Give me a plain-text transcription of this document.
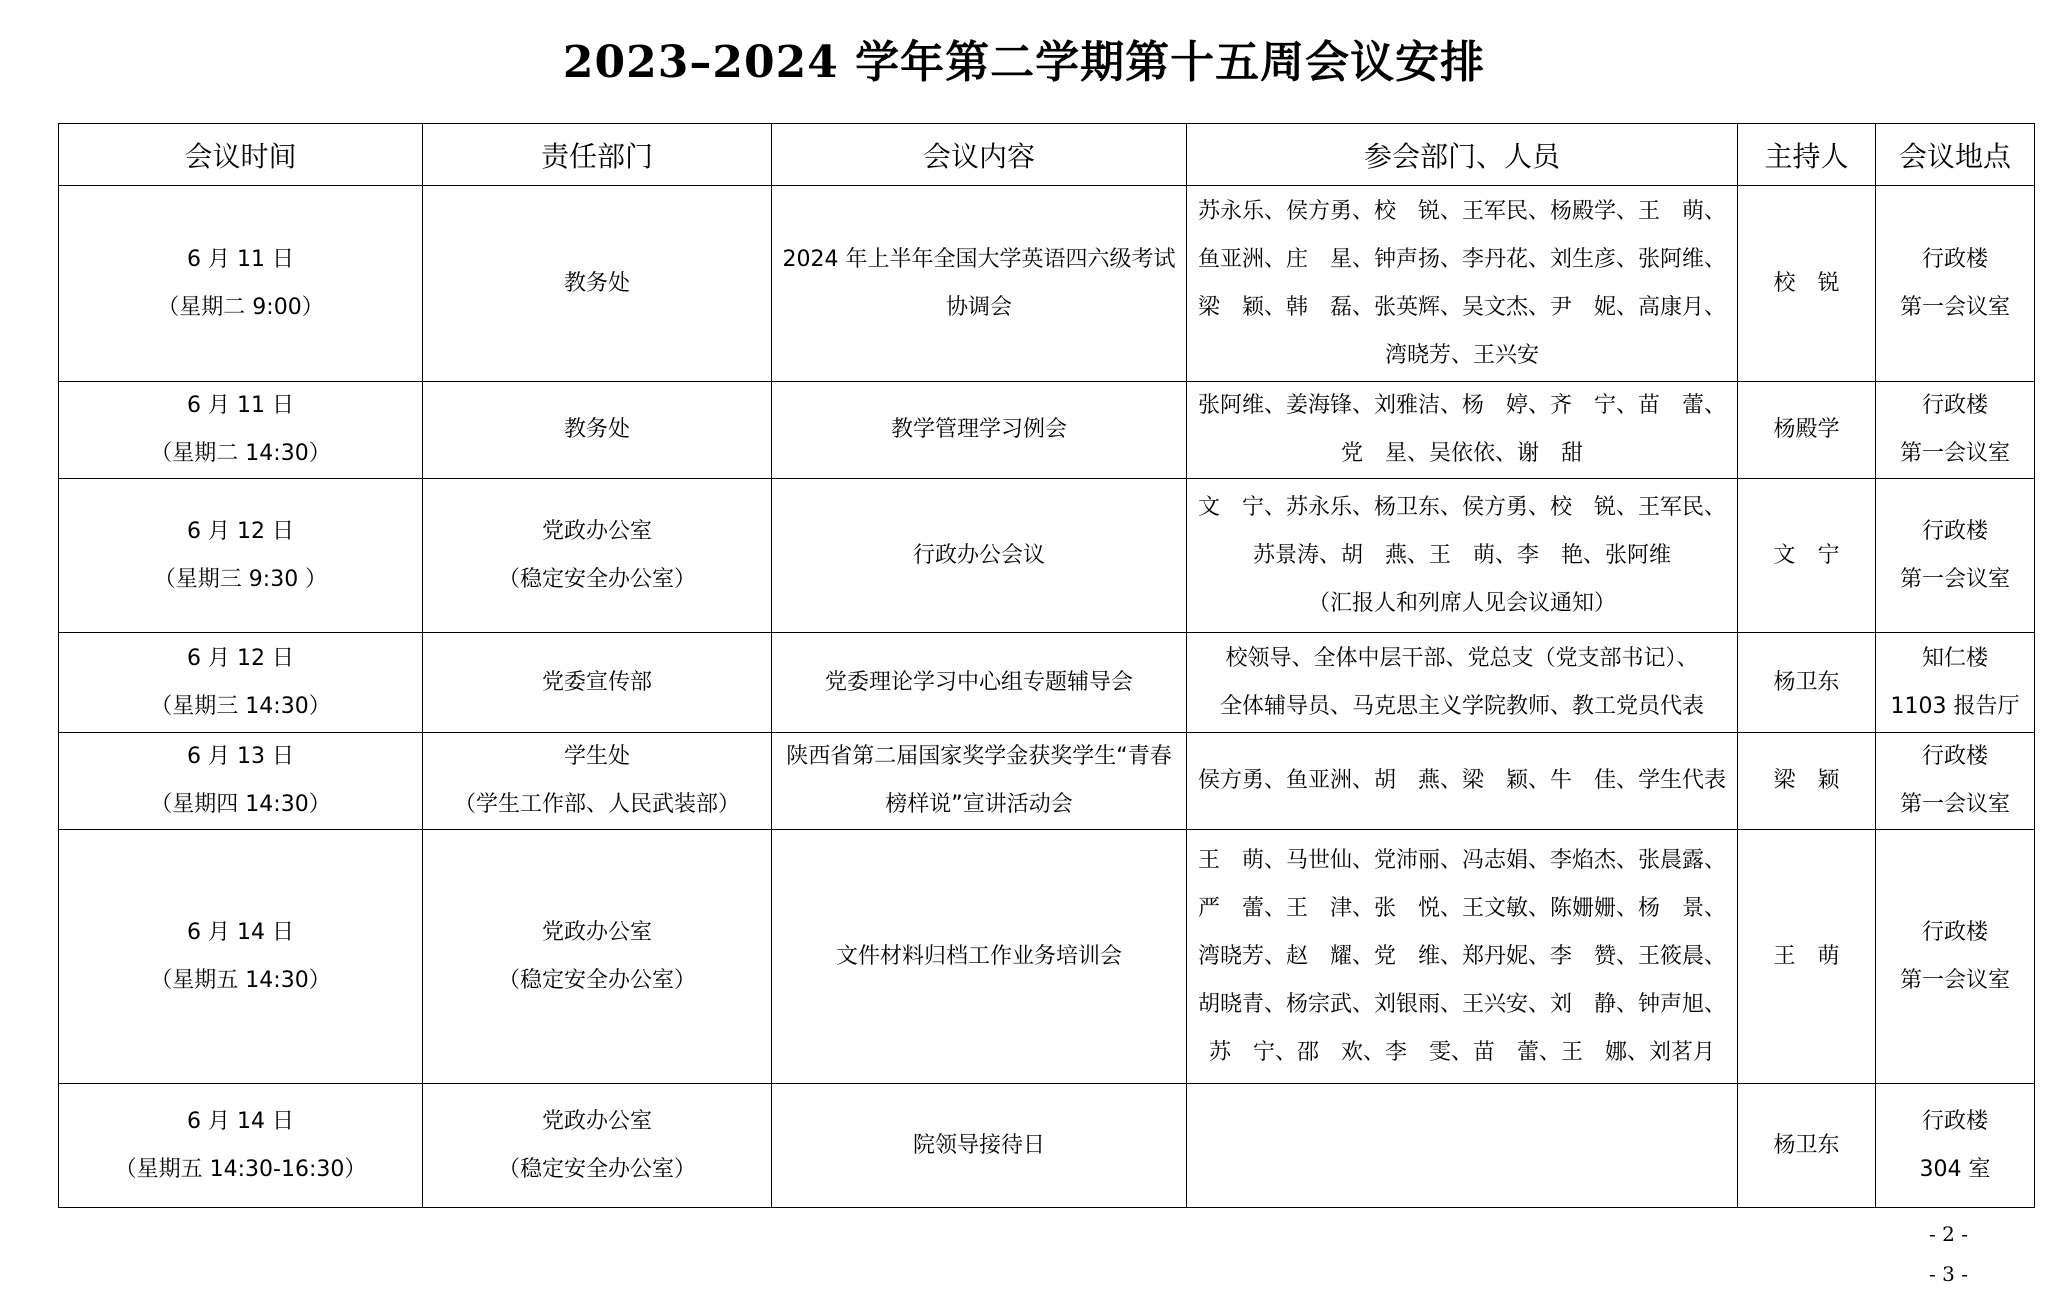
2023–2024 学年第二学期第十五周会议安排
会议时间	责任部门	会议内容	参会部门、人员	主持人	会议地点

6 月 11 日
（星期二 9:00）	教务处	2024 年上半年全国大学英语四六级考试
协调会	苏永乐、侯方勇、校　锐、王军民、杨殿学、王　萌、
鱼亚洲、庄　星、钟声扬、李丹花、刘生彦、张阿维、
梁　颖、韩　磊、张英辉、吴文杰、尹　妮、高康月、
湾晓芳、王兴安	校　锐	行政楼
第一会议室

6 月 11 日
（星期二 14:30）	教务处	教学管理学习例会	张阿维、姜海锋、刘雅洁、杨　婷、齐　宁、苗　蕾、
党　星、吴依依、谢　甜	杨殿学	行政楼
第一会议室

6 月 12 日
（星期三 9:30 ）	党政办公室
（稳定安全办公室）	行政办公会议	文　宁、苏永乐、杨卫东、侯方勇、校　锐、王军民、
苏景涛、胡　燕、王　萌、李　艳、张阿维
（汇报人和列席人见会议通知）	文　宁	行政楼
第一会议室

6 月 12 日
（星期三 14:30）	党委宣传部	党委理论学习中心组专题辅导会	校领导、全体中层干部、党总支（党支部书记）、
全体辅导员、马克思主义学院教师、教工党员代表	杨卫东	知仁楼
1103 报告厅

6 月 13 日
（星期四 14:30）	学生处
（学生工作部、人民武装部）	陕西省第二届国家奖学金获奖学生“青春
榜样说”宣讲活动会	侯方勇、鱼亚洲、胡　燕、梁　颖、牛　佳、学生代表	梁　颖	行政楼
第一会议室

6 月 14 日
（星期五 14:30）	党政办公室
（稳定安全办公室）	文件材料归档工作业务培训会	王　萌、马世仙、党沛丽、冯志娟、李焰杰、张晨露、
严　蕾、王　津、张　悦、王文敏、陈姗姗、杨　景、
湾晓芳、赵　耀、党　维、郑丹妮、李　赞、王筱晨、
胡晓青、杨宗武、刘银雨、王兴安、刘　静、钟声旭、
苏　宁、邵　欢、李　雯、苗　蕾、王　娜、刘茗月	王　萌	行政楼
第一会议室

6 月 14 日
（星期五 14:30-16:30）	党政办公室
（稳定安全办公室）	院领导接待日		杨卫东	行政楼
304 室
- 2 -
- 3 -
